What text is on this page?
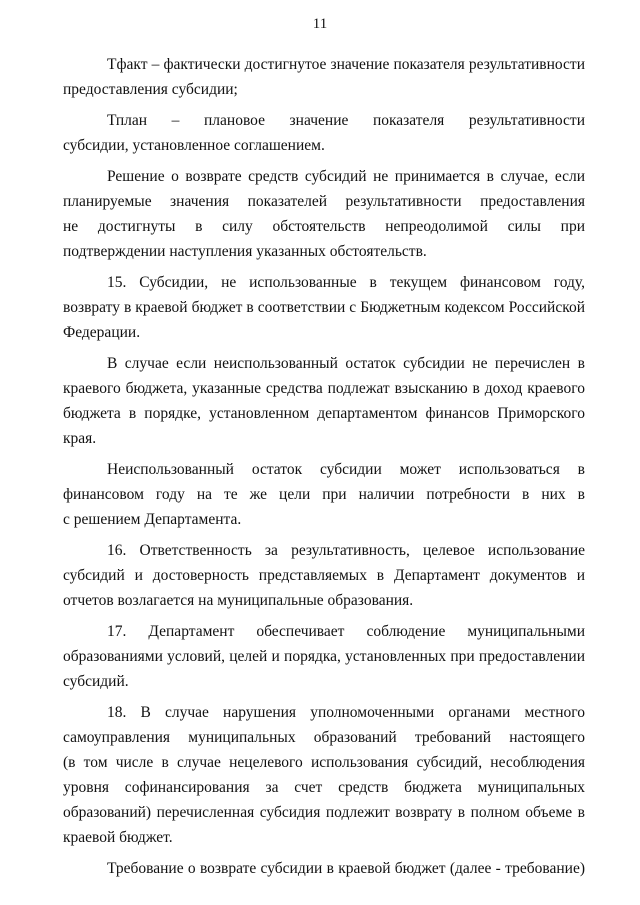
11
Тфакт – фактически достигнутое значение показателя результативности
предоставления субсидии;
Тплан – плановое значение показателя результативности
субсидии, установленное соглашением.
Решение о возврате средств субсидий не принимается в случае, если
планируемые значения показателей результативности предоставления
не достигнуты в силу обстоятельств непреодолимой силы при
подтверждении наступления указанных обстоятельств.
15. Субсидии, не использованные в текущем финансовом году,
возврату в краевой бюджет в соответствии с Бюджетным кодексом Российской
Федерации.
В случае если неиспользованный остаток субсидии не перечислен в
краевого бюджета, указанные средства подлежат взысканию в доход краевого
бюджета в порядке, установленном департаментом финансов Приморского
края.
Неиспользованный остаток субсидии может использоваться в
финансовом году на те же цели при наличии потребности в них в
с решением Департамента.
16. Ответственность за результативность, целевое использование
субсидий и достоверность представляемых в Департамент документов и
отчетов возлагается на муниципальные образования.
17. Департамент обеспечивает соблюдение муниципальными
образованиями условий, целей и порядка, установленных при предоставлении
субсидий.
18. В случае нарушения уполномоченными органами местного
самоуправления муниципальных образований требований настоящего
(в том числе в случае нецелевого использования субсидий, несоблюдения
уровня софинансирования за счет средств бюджета муниципальных
образований) перечисленная субсидия подлежит возврату в полном объеме в
краевой бюджет.
Требование о возврате субсидии в краевой бюджет (далее - требование)
